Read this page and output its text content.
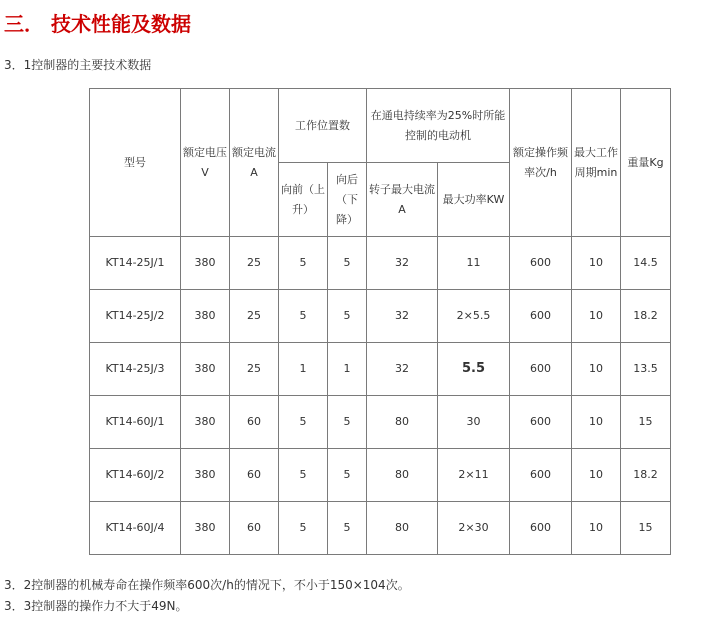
三． 技术性能及数据
3．1控制器的主要技术数据
型号	额定电压V	额定电流A	工作位置数		在通电持续率为25%时所能控制的电动机		额定操作频率次/h	最大工作周期min	重量Kg
			向前（上升）	向后（下降）	转子最大电流A	最大功率KW			
KT14-25J/1	380	25	5	5	32	11	600	10	14.5
KT14-25J/2	380	25	5	5	32	2×5.5	600	10	18.2
KT14-25J/3	380	25	1	1	32	5.5	600	10	13.5
KT14-60J/1	380	60	5	5	80	30	600	10	15
KT14-60J/2	380	60	5	5	80	2×11	600	10	18.2
KT14-60J/4	380	60	5	5	80	2×30	600	10	15
3．2控制器的机械寿命在操作频率600次/h的情况下，不小于150×104次。
3．3控制器的操作力不大于49N。
